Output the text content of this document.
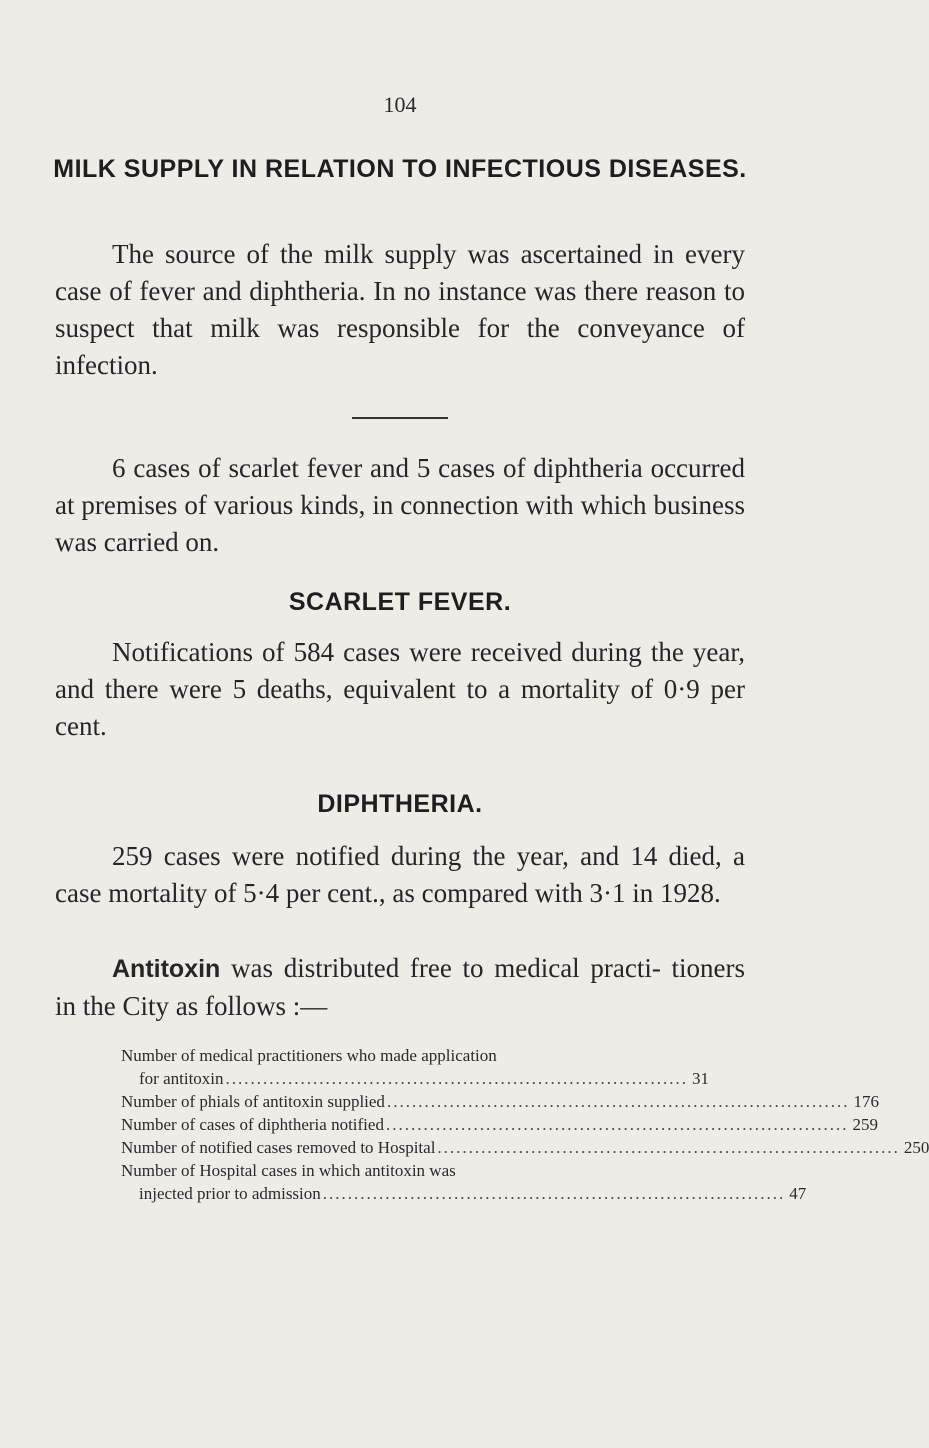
104
MILK SUPPLY IN RELATION TO INFECTIOUS DISEASES.
The source of the milk supply was ascertained in every case of fever and diphtheria. In no instance was there reason to suspect that milk was responsible for the conveyance of infection.
6 cases of scarlet fever and 5 cases of diphtheria occurred at premises of various kinds, in connection with which business was carried on.
SCARLET FEVER.
Notifications of 584 cases were received during the year, and there were 5 deaths, equivalent to a mortality of 0·9 per cent.
DIPHTHERIA.
259 cases were notified during the year, and 14 died, a case mortality of 5·4 per cent., as compared with 3·1 in 1928.
Antitoxin was distributed free to medical practi- tioners in the City as follows :—
Number of medical practitioners who made application
for antitoxin .......................................................................... 31
Number of phials of antitoxin supplied .......................................................................... 176
Number of cases of diphtheria notified .......................................................................... 259
Number of notified cases removed to Hospital .......................................................................... 250
Number of Hospital cases in which antitoxin was
injected prior to admission .......................................................................... 47
